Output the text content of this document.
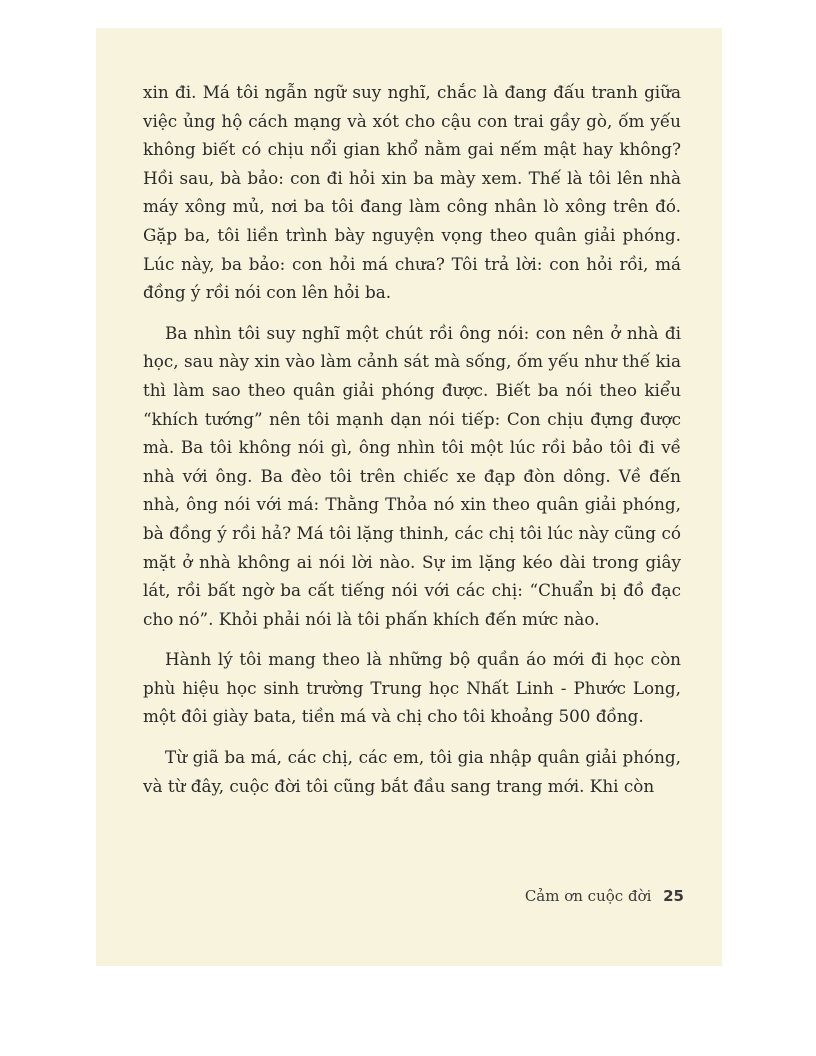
xin đi. Má tôi ngẫn ngữ suy nghĩ, chắc là đang đấu tranh giữa việc ủng hộ cách mạng và xót cho cậu con trai gầy gò, ốm yếu không biết có chịu nổi gian khổ nằm gai nếm mật hay không? Hồi sau, bà bảo: con đi hỏi xin ba mày xem. Thế là tôi lên nhà máy xông mủ, nơi ba tôi đang làm công nhân lò xông trên đó. Gặp ba, tôi liền trình bày nguyện vọng theo quân giải phóng. Lúc này, ba bảo: con hỏi má chưa? Tôi trả lời: con hỏi rồi, má đồng ý rồi nói con lên hỏi ba.

Ba nhìn tôi suy nghĩ một chút rồi ông nói: con nên ở nhà đi học, sau này xin vào làm cảnh sát mà sống, ốm yếu như thế kia thì làm sao theo quân giải phóng được. Biết ba nói theo kiểu “khích tướng” nên tôi mạnh dạn nói tiếp: Con chịu đựng được mà. Ba tôi không nói gì, ông nhìn tôi một lúc rồi bảo tôi đi về nhà với ông. Ba đèo tôi trên chiếc xe đạp đòn dông. Về đến nhà, ông nói với má: Thằng Thỏa nó xin theo quân giải phóng, bà đồng ý rồi hả? Má tôi lặng thinh, các chị tôi lúc này cũng có mặt ở nhà không ai nói lời nào. Sự im lặng kéo dài trong giây lát, rồi bất ngờ ba cất tiếng nói với các chị: “Chuẩn bị đồ đạc cho nó”. Khỏi phải nói là tôi phấn khích đến mức nào.

Hành lý tôi mang theo là những bộ quần áo mới đi học còn phù hiệu học sinh trường Trung học Nhất Linh - Phước Long, một đôi giày bata, tiền má và chị cho tôi khoảng 500 đồng.

Từ giã ba má, các chị, các em, tôi gia nhập quân giải phóng, và từ đây, cuộc đời tôi cũng bắt đầu sang trang mới. Khi còn

Cảm ơn cuộc đời 25
